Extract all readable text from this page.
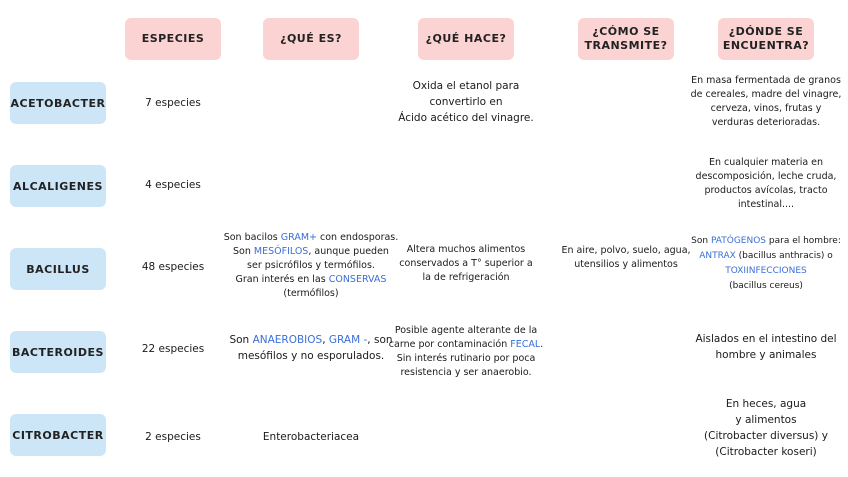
ESPECIES	¿QUÉ ES?	¿QUÉ HACE?
¿CÓMO SE
TRANSMITE?
¿DÓNDE SE
ENCUENTRA?
ACETOBACTER
ALCALIGENES
BACILLUS
BACTEROIDES
CITROBACTER
7 especies
4 especies
48 especies
22 especies
2 especies
Son bacilos GRAM+ con endosporas.
Son MESÓFILOS, aunque pueden
ser psicrófilos y termófilos.
Gran interés en las CONSERVAS
(termófilos)
Son ANAEROBIOS, GRAM -, son
mesófilos y no esporulados.
Enterobacteriacea
Oxida el etanol para
convertirlo en
Ácido acético del vinagre.
Altera muchos alimentos
conservados a T° superior a
la de refrigeración
Posible agente alterante de la
carne por contaminación FECAL.
Sin interés rutinario por poca
resistencia y ser anaerobio.
En aire, polvo, suelo, agua,
utensilios y alimentos
En masa fermentada de granos
de cereales, madre del vinagre,
cerveza, vinos, frutas y
verduras deterioradas.
En cualquier materia en
descomposición, leche cruda,
productos avícolas, tracto
intestinal....
Son PATÓGENOS para el hombre:
ANTRAX (bacillus anthracis) o
TOXIINFECCIONES
(bacillus cereus)
Aislados en el intestino del
hombre y animales
En heces, agua
y alimentos
(Citrobacter diversus) y
(Citrobacter koseri)
